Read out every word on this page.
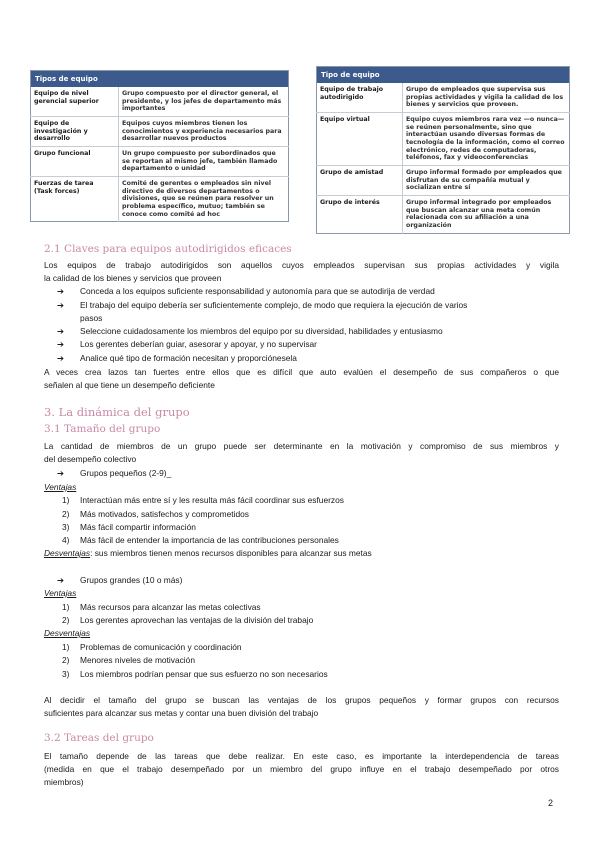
Tipos de equipo	
Equipo de nivel gerencial superior	Grupo compuesto por el director general, el presidente, y los jefes de departamento más importantes
Equipo de investigación y desarrollo	Equipos cuyos miembros tienen los conocimientos y experiencia necesarios para desarrollar nuevos productos
Grupo funcional	Un grupo compuesto por subordinados que se reportan al mismo jefe, también llamado departamento o unidad
Fuerzas de tarea (Task forces)	Comité de gerentes o empleados sin nivel directivo de diversos departamentos o divisiones, que se reúnen para resolver un problema específico, mutuo; también se conoce como comité ad hoc
Tipo de equipo	
Equipo de trabajo autodirigido	Grupo de empleados que supervisa sus propias actividades y vigila la calidad de los bienes y servicios que proveen.
Equipo virtual	Equipo cuyos miembros rara vez —o nunca— se reúnen personalmente, sino que interactúan usando diversas formas de tecnología de la información, como el correo electrónico, redes de computadoras, teléfonos, fax y videoconferencias
Grupo de amistad	Grupo informal formado por empleados que disfrutan de su compañía mutual y socializan entre sí
Grupo de interés	Grupo informal integrado por empleados que buscan alcanzar una meta común relacionada con su afiliación a una organización
2.1 Claves para equipos autodirigidos eficaces
Los equipos de trabajo autodirigidos son aquellos cuyos empleados supervisan sus propias actividades y vigila
la calidad de los bienes y servicios que proveen
➔ Conceda a los equipos suficiente responsabilidad y autonomía para que se autodirija de verdad
➔ El trabajo del equipo debería ser suficientemente complejo, de modo que requiera la ejecución de varios
pasos
➔ Seleccione cuidadosamente los miembros del equipo por su diversidad, habilidades y entusiasmo
➔ Los gerentes deberían guiar, asesorar y apoyar, y no supervisar
➔ Analice qué tipo de formación necesitan y proporciónesela
A veces crea lazos tan fuertes entre ellos que es difícil que auto evalúen el desempeño de sus compañeros o que
señalen al que tiene un desempeño deficiente
3. La dinámica del grupo
3.1 Tamaño del grupo
La cantidad de miembros de un grupo puede ser determinante en la motivación y compromiso de sus miembros y
del desempeño colectivo
➔ Grupos pequeños (2-9)_
Ventajas
1)	Interactúan más entre sí y les resulta más fácil coordinar sus esfuerzos
2)	Más motivados, satisfechos y comprometidos
3)	Más fácil compartir información
4)	Más fácil de entender la importancia de las contribuciones personales
Desventajas: sus miembros tienen menos recursos disponibles para alcanzar sus metas
➔ Grupos grandes (10 o más)
Ventajas
1)	Más recursos para alcanzar las metas colectivas
2)	Los gerentes aprovechan las ventajas de la división del trabajo
Desventajas
1)	Problemas de comunicación y coordinación
2)	Menores niveles de motivación
3)	Los miembros podrían pensar que sus esfuerzo no son necesarios
Al decidir el tamaño del grupo se buscan las ventajas de los grupos pequeños y formar grupos con recursos
suficientes para alcanzar sus metas y contar una buen división del trabajo
3.2 Tareas del grupo
El tamaño depende de las tareas que debe realizar. En este caso, es importante la interdependencia de tareas
(medida en que el trabajo desempeñado por un miembro del grupo influye en el trabajo desempeñado por otros
miembros)
2
